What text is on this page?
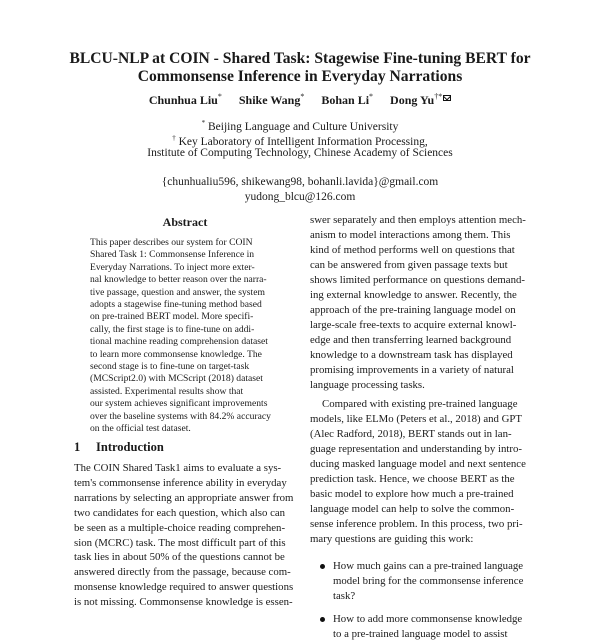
BLCU-NLP at COIN - Shared Task: Stagewise Fine-tuning BERT for
Commonsense Inference in Everyday Narrations
Chunhua Liu* Shike Wang* Bohan Li* Dong Yu†*
* Beijing Language and Culture University
† Key Laboratory of Intelligent Information Processing,
Institute of Computing Technology, Chinese Academy of Sciences
{chunhualiu596, shikewang98, bohanli.lavida}@gmail.com
yudong_blcu@126.com
Abstract
This paper describes our system for COIN
Shared Task 1: Commonsense Inference in
Everyday Narrations. To inject more exter-
nal knowledge to better reason over the narra-
tive passage, question and answer, the system
adopts a stagewise fine-tuning method based
on pre-trained BERT model. More specifi-
cally, the first stage is to fine-tune on addi-
tional machine reading comprehension dataset
to learn more commonsense knowledge. The
second stage is to fine-tune on target-task
(MCScript2.0) with MCScript (2018) dataset
assisted. Experimental results show that
our system achieves significant improvements
over the baseline systems with 84.2% accuracy
on the official test dataset.
1 Introduction
The COIN Shared Task1 aims to evaluate a sys-
tem's commonsense inference ability in everyday
narrations by selecting an appropriate answer from
two candidates for each question, which also can
be seen as a multiple-choice reading comprehen-
sion (MCRC) task. The most difficult part of this
task lies in about 50% of the questions cannot be
answered directly from the passage, because com-
monsense knowledge required to answer questions
is not missing. Commonsense knowledge is essen-
swer separately and then employs attention mech-
anism to model interactions among them. This
kind of method performs well on questions that
can be answered from given passage texts but
shows limited performance on questions demand-
ing external knowledge to answer. Recently, the
approach of the pre-training language model on
large-scale free-texts to acquire external knowl-
edge and then transferring learned background
knowledge to a downstream task has displayed
promising improvements in a variety of natural
language processing tasks.
Compared with existing pre-trained language
models, like ELMo (Peters et al., 2018) and GPT
(Alec Radford, 2018), BERT stands out in lan-
guage representation and understanding by intro-
ducing masked language model and next sentence
prediction task. Hence, we choose BERT as the
basic model to explore how much a pre-trained
language model can help to solve the common-
sense inference problem. In this process, two pri-
mary questions are guiding this work:
How much gains can a pre-trained language
model bring for the commonsense inference
task?
How to add more commonsense knowledge
to a pre-trained language model to assist
